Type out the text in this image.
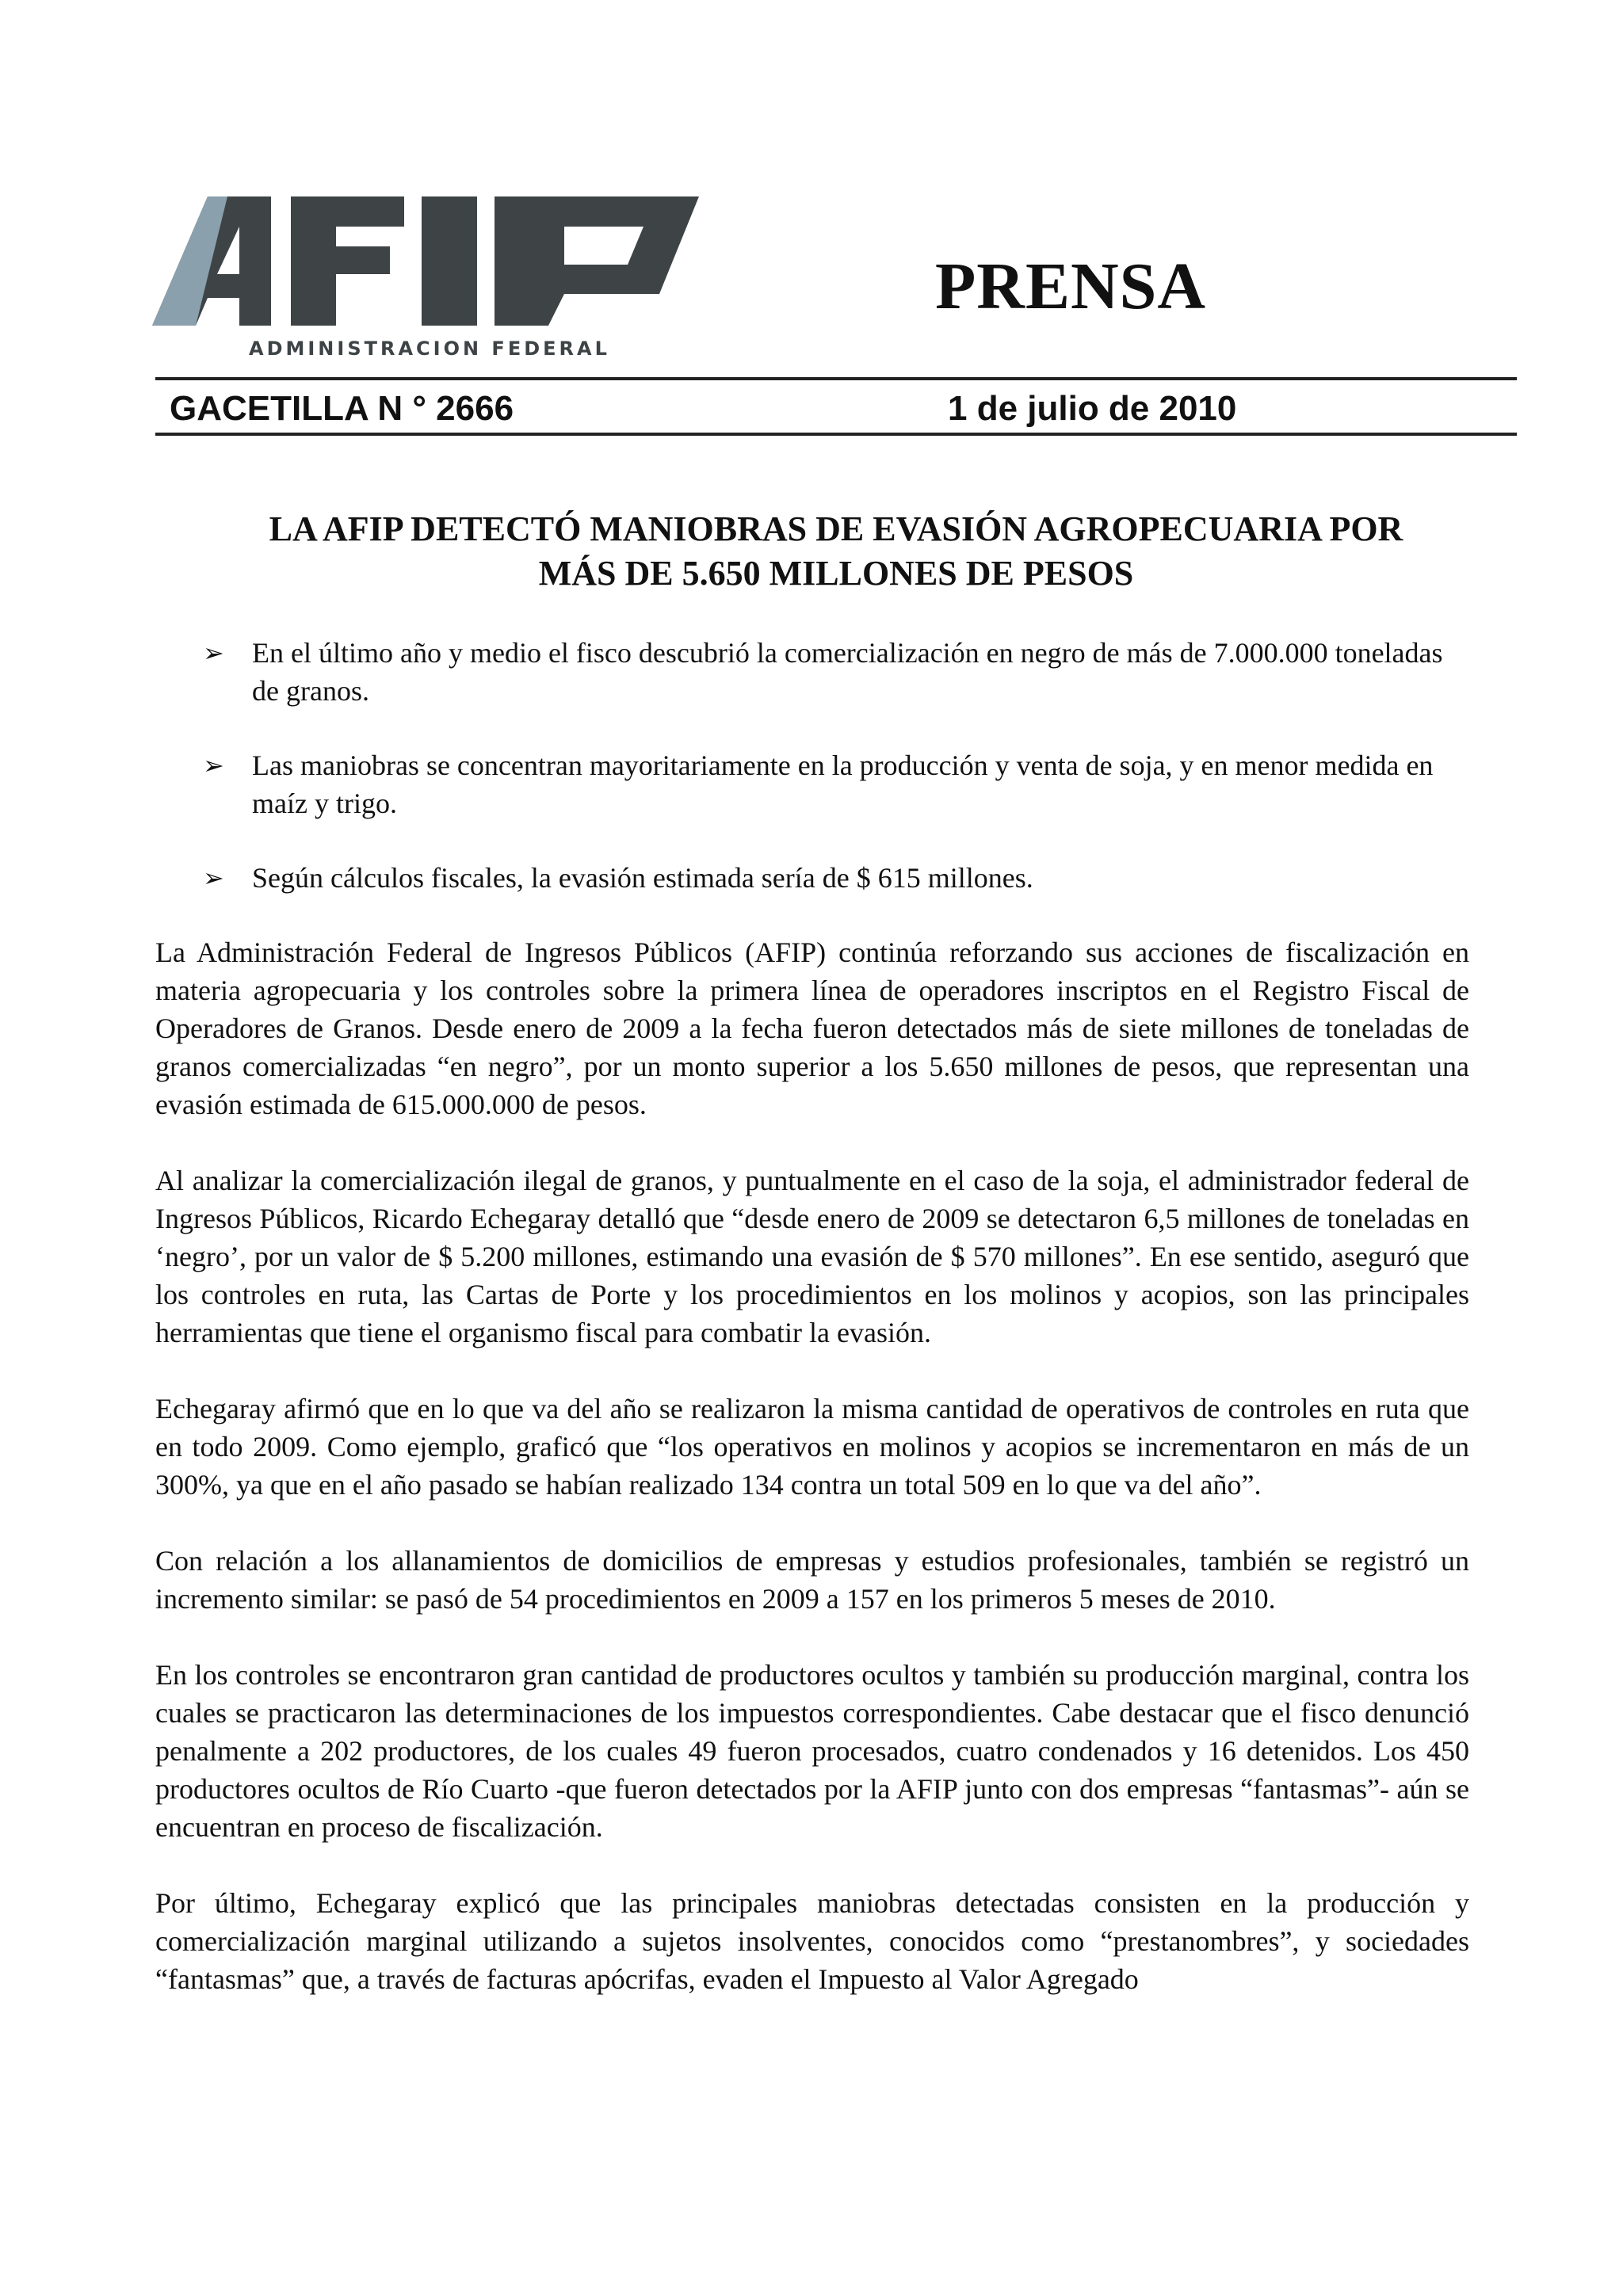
ADMINISTRACION FEDERAL
PRENSA
GACETILLA N ° 2666	1 de julio de 2010
LA AFIP DETECTÓ MANIOBRAS DE EVASIÓN AGROPECUARIA POR
MÁS DE 5.650 MILLONES DE PESOS
➢ En el último año y medio el fisco descubrió la comercialización en negro de más de 7.000.000 toneladas de granos.
➢ Las maniobras se concentran mayoritariamente en la producción y venta de soja, y en menor medida en maíz y trigo.
➢ Según cálculos fiscales, la evasión estimada sería de $ 615 millones.

La Administración Federal de Ingresos Públicos (AFIP) continúa reforzando sus acciones de fiscalización en materia agropecuaria y los controles sobre la primera línea de operadores inscriptos en el Registro Fiscal de Operadores de Granos. Desde enero de 2009 a la fecha fueron detectados más de siete millones de toneladas de granos comercializadas “en negro”, por un monto superior a los 5.650 millones de pesos, que representan una evasión estimada de 615.000.000 de pesos.

Al analizar la comercialización ilegal de granos, y puntualmente en el caso de la soja, el administrador federal de Ingresos Públicos, Ricardo Echegaray detalló que “desde enero de 2009 se detectaron 6,5 millones de toneladas en ‘negro’, por un valor de $ 5.200 millones, estimando una evasión de $ 570 millones”. En ese sentido, aseguró que los controles en ruta, las Cartas de Porte y los procedimientos en los molinos y acopios, son las principales herramientas que tiene el organismo fiscal para combatir la evasión.

Echegaray afirmó que en lo que va del año se realizaron la misma cantidad de operativos de controles en ruta que en todo 2009. Como ejemplo, graficó que “los operativos en molinos y acopios se incrementaron en más de un 300%, ya que en el año pasado se habían realizado 134 contra un total 509 en lo que va del año”.

Con relación a los allanamientos de domicilios de empresas y estudios profesionales, también se registró un incremento similar: se pasó de 54 procedimientos en 2009 a 157 en los primeros 5 meses de 2010.

En los controles se encontraron gran cantidad de productores ocultos y también su producción marginal, contra los cuales se practicaron las determinaciones de los impuestos correspondientes. Cabe destacar que el fisco denunció penalmente a 202 productores, de los cuales 49 fueron procesados, cuatro condenados y 16 detenidos. Los 450 productores ocultos de Río Cuarto -que fueron detectados por la AFIP junto con dos empresas “fantasmas”- aún se encuentran en proceso de fiscalización.

Por último, Echegaray explicó que las principales maniobras detectadas consisten en la producción y comercialización marginal utilizando a sujetos insolventes, conocidos como “prestanombres”, y sociedades “fantasmas” que, a través de facturas apócrifas, evaden el Impuesto al Valor Agregado
